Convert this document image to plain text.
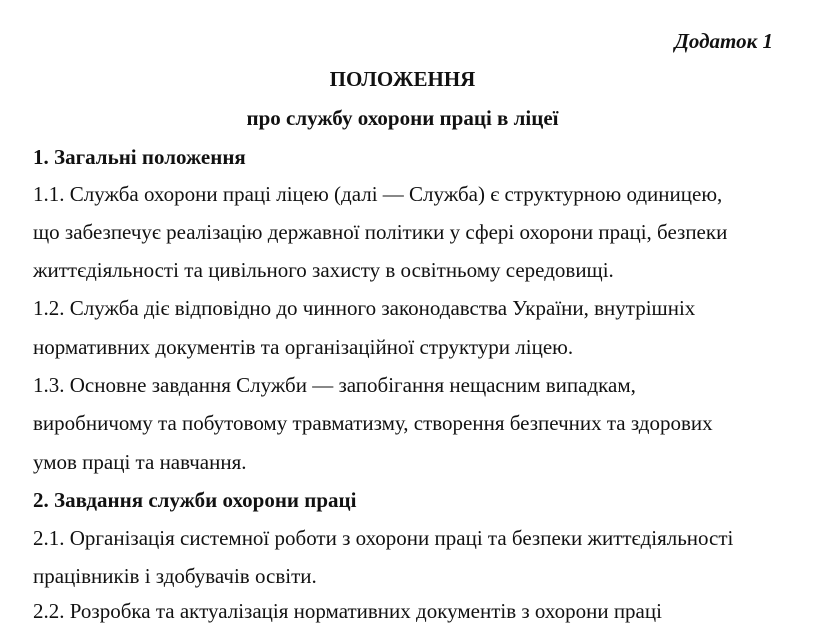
Додаток 1
ПОЛОЖЕННЯ
про службу охорони праці в ліцеї
1. Загальні положення
1.1. Служба охорони праці ліцею (далі — Служба) є структурною одиницею,
що забезпечує реалізацію державної політики у сфері охорони праці, безпеки
життєдіяльності та цивільного захисту в освітньому середовищі.
1.2. Служба діє відповідно до чинного законодавства України, внутрішніх
нормативних документів та організаційної структури ліцею.
1.3. Основне завдання Служби — запобігання нещасним випадкам,
виробничому та побутовому травматизму, створення безпечних та здорових
умов праці та навчання.
2. Завдання служби охорони праці
2.1. Організація системної роботи з охорони праці та безпеки життєдіяльності
працівників і здобувачів освіти.
2.2. Розробка та актуалізація нормативних документів з охорони праці
